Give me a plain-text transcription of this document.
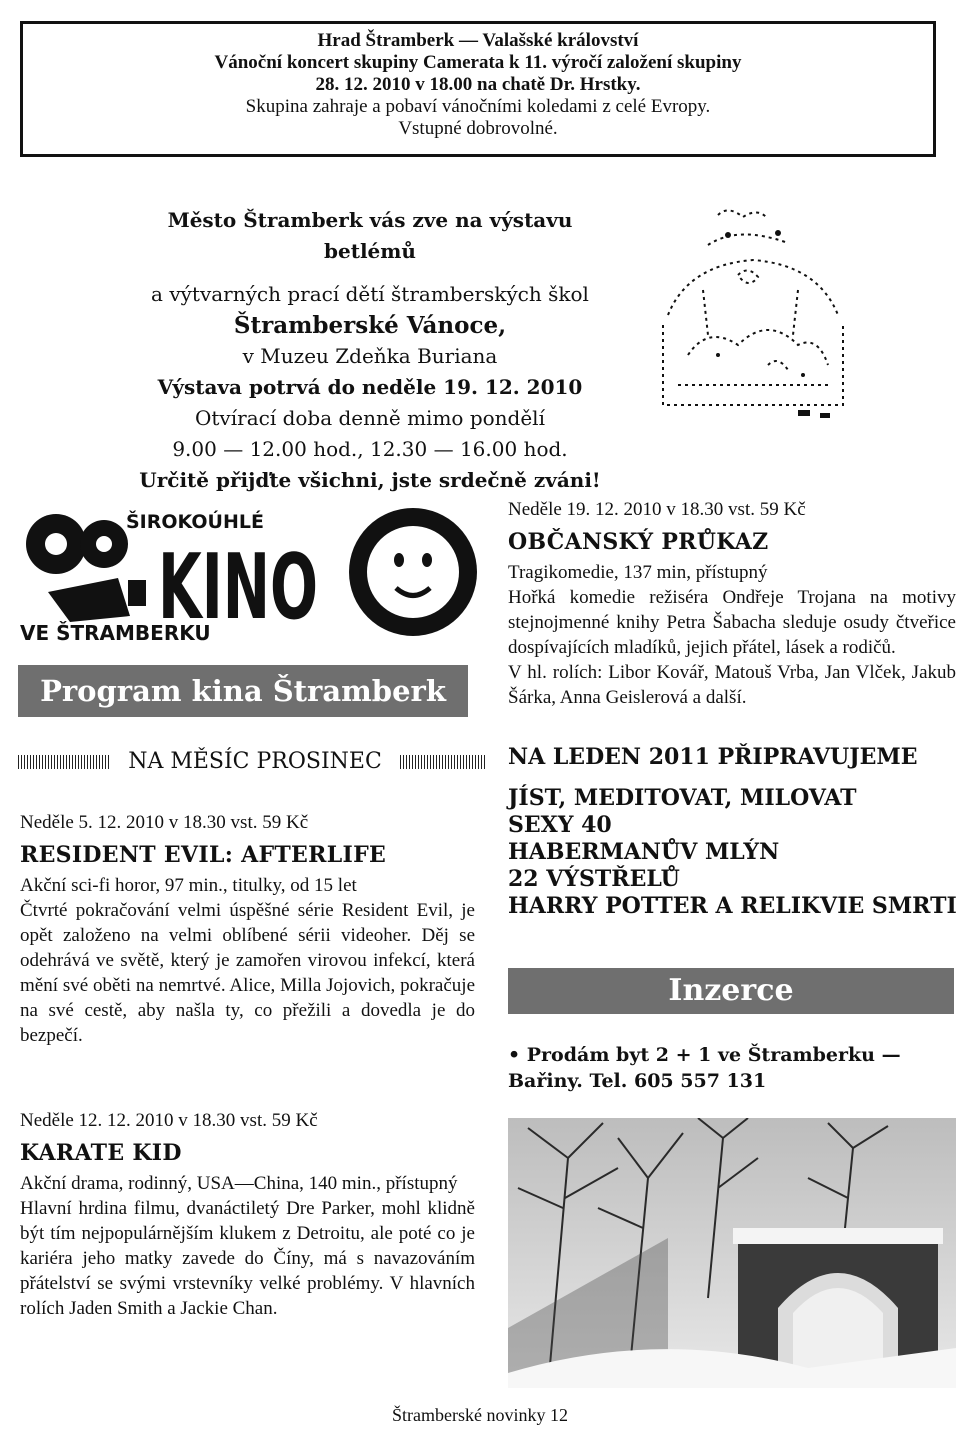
Hrad Štramberk — Valašské království
Vánoční koncert skupiny Camerata k 11. výročí založení skupiny
28. 12. 2010 v 18.00 na chatě Dr. Hrstky.
Skupina zahraje a pobaví vánočními koledami z celé Evropy.
Vstupné dobrovolné.
Město Štramberk vás zve na výstavu betlémů
a výtvarných prací dětí štramberských škol
Štramberské Vánoce,
v Muzeu Zdeňka Buriana
Výstava potrvá do neděle 19. 12. 2010
Otvírací doba denně mimo pondělí
9.00 — 12.00 hod., 12.30 — 16.00 hod.
Určitě přijďte všichni, jste srdečně zváni!
ŠIROKOÚHLÉ
KINO
VE ŠTRAMBERKU
Program kina Štramberk
NA MĚSÍC PROSINEC
Neděle 5. 12. 2010 v 18.30 vst. 59 Kč
RESIDENT EVIL: AFTERLIFE
Akční sci-fi horor, 97 min., titulky, od 15 let
Čtvrté pokračování velmi úspěšné série Resident Evil, je opět založeno na velmi oblíbené sérii videoher. Děj se odehrává ve světě, který je zamořen virovou infekcí, která mění své oběti na nemrtvé. Alice, Milla Jojovich, pokračuje na své cestě, aby našla ty, co přežili a dovedla je do bezpečí.
Neděle 12. 12. 2010 v 18.30 vst. 59 Kč
KARATE KID
Akční drama, rodinný, USA—China, 140 min., přístupný
Hlavní hrdina filmu, dvanáctiletý Dre Parker, mohl klidně být tím nejpopulárnějším klukem z Detroitu, ale poté co je kariéra jeho matky zavede do Číny, má s navazováním přátelství se svými vrstevníky velké problémy. V hlavních rolích Jaden Smith a Jackie Chan.
Neděle 19. 12. 2010 v 18.30 vst. 59 Kč
OBČANSKÝ PRŮKAZ
Tragikomedie, 137 min, přístupný
Hořká komedie režiséra Ondřeje Trojana na motivy stejnojmenné knihy Petra Šabacha sleduje osudy čtveřice dospívajících mladíků, jejich přátel, lásek a rodičů.
V hl. rolích: Libor Kovář, Matouš Vrba, Jan Vlček, Jakub Šárka, Anna Geislerová a další.
NA LEDEN 2011 PŘIPRAVUJEME
JÍST, MEDITOVAT, MILOVAT
SEXY 40
HABERMANŮV MLÝN
22 VÝSTŘELŮ
HARRY POTTER A RELIKVIE SMRTI
Inzerce
• Prodám byt 2 + 1 ve Štramberku — Bařiny. Tel. 605 557 131
Štramberské novinky 12
